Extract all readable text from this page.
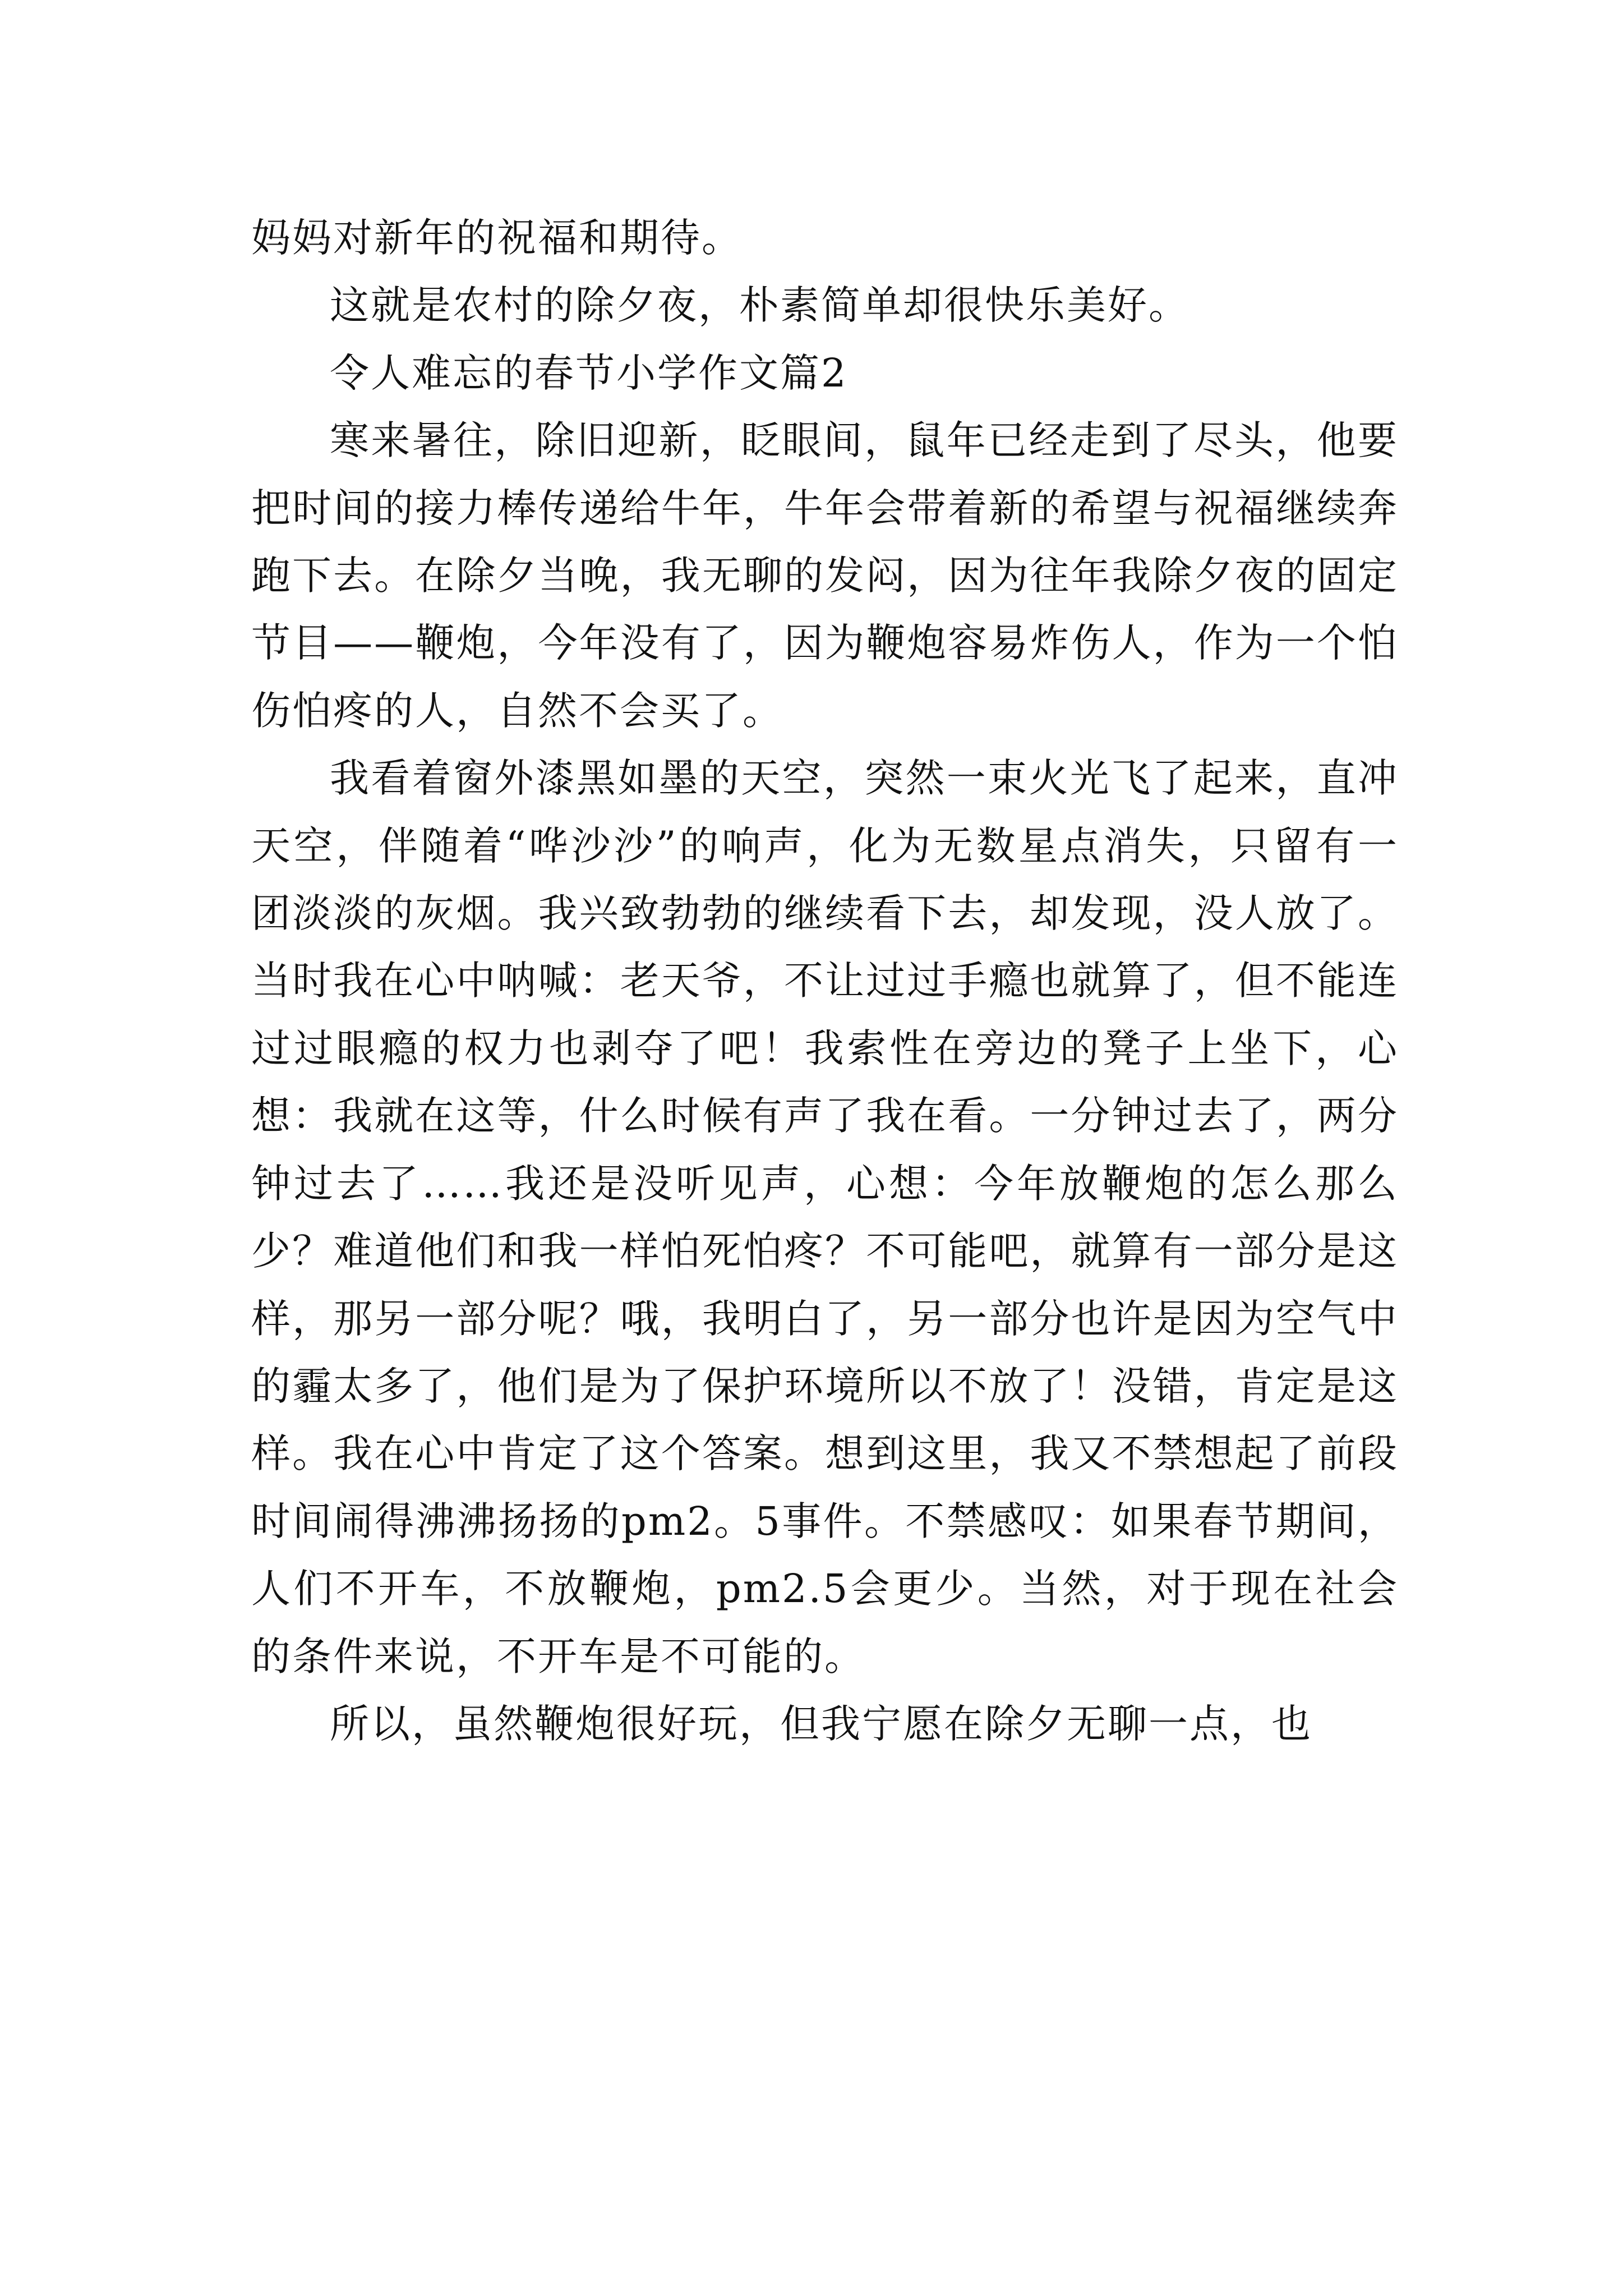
妈妈对新年的祝福和期待。

这就是农村的除夕夜，朴素简单却很快乐美好。

令人难忘的春节小学作文篇2

寒来暑往，除旧迎新，眨眼间，鼠年已经走到了尽头，他要把时间的接力棒传递给牛年，牛年会带着新的希望与祝福继续奔跑下去。在除夕当晚，我无聊的发闷，因为往年我除夕夜的固定节目——鞭炮，今年没有了，因为鞭炮容易炸伤人，作为一个怕伤怕疼的人，自然不会买了。

我看着窗外漆黑如墨的天空，突然一束火光飞了起来，直冲天空，伴随着“哗沙沙”的响声，化为无数星点消失，只留有一团淡淡的灰烟。我兴致勃勃的继续看下去，却发现，没人放了。当时我在心中呐喊：老天爷，不让过过手瘾也就算了，但不能连过过眼瘾的权力也剥夺了吧！我索性在旁边的凳子上坐下，心想：我就在这等，什么时候有声了我在看。一分钟过去了，两分钟过去了……我还是没听见声，心想：今年放鞭炮的怎么那么少？难道他们和我一样怕死怕疼？不可能吧，就算有一部分是这样，那另一部分呢？哦，我明白了，另一部分也许是因为空气中的霾太多了，他们是为了保护环境所以不放了！没错，肯定是这样。我在心中肯定了这个答案。想到这里，我又不禁想起了前段时间闹得沸沸扬扬的pm2。5事件。不禁感叹：如果春节期间，人们不开车，不放鞭炮，pm2.5会更少。当然，对于现在社会的条件来说，不开车是不可能的。

所以，虽然鞭炮很好玩，但我宁愿在除夕无聊一点，也
